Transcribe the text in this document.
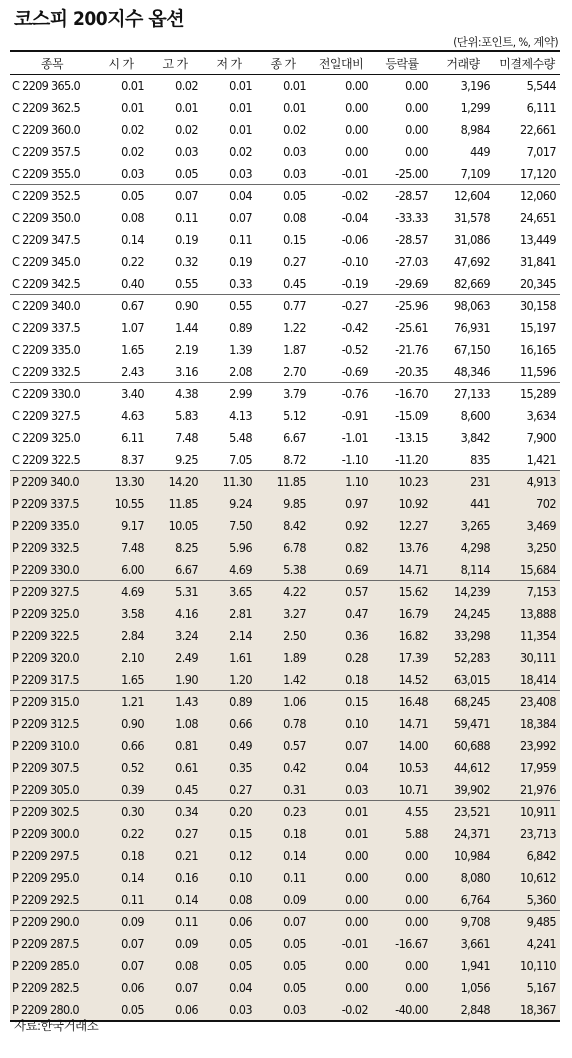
코스피 200지수 옵션
(단위:포인트, %, 계약)
종목	시 가	고 가	저 가	종 가	전일대비	등락률	거래량	미결제수량
C 2209 365.0	0.01	0.02	0.01	0.01	0.00	0.00	3,196	5,544
C 2209 362.5	0.01	0.01	0.01	0.01	0.00	0.00	1,299	6,111
C 2209 360.0	0.02	0.02	0.01	0.02	0.00	0.00	8,984	22,661
C 2209 357.5	0.02	0.03	0.02	0.03	0.00	0.00	449	7,017
C 2209 355.0	0.03	0.05	0.03	0.03	-0.01	-25.00	7,109	17,120
C 2209 352.5	0.05	0.07	0.04	0.05	-0.02	-28.57	12,604	12,060
C 2209 350.0	0.08	0.11	0.07	0.08	-0.04	-33.33	31,578	24,651
C 2209 347.5	0.14	0.19	0.11	0.15	-0.06	-28.57	31,086	13,449
C 2209 345.0	0.22	0.32	0.19	0.27	-0.10	-27.03	47,692	31,841
C 2209 342.5	0.40	0.55	0.33	0.45	-0.19	-29.69	82,669	20,345
C 2209 340.0	0.67	0.90	0.55	0.77	-0.27	-25.96	98,063	30,158
C 2209 337.5	1.07	1.44	0.89	1.22	-0.42	-25.61	76,931	15,197
C 2209 335.0	1.65	2.19	1.39	1.87	-0.52	-21.76	67,150	16,165
C 2209 332.5	2.43	3.16	2.08	2.70	-0.69	-20.35	48,346	11,596
C 2209 330.0	3.40	4.38	2.99	3.79	-0.76	-16.70	27,133	15,289
C 2209 327.5	4.63	5.83	4.13	5.12	-0.91	-15.09	8,600	3,634
C 2209 325.0	6.11	7.48	5.48	6.67	-1.01	-13.15	3,842	7,900
C 2209 322.5	8.37	9.25	7.05	8.72	-1.10	-11.20	835	1,421
P 2209 340.0	13.30	14.20	11.30	11.85	1.10	10.23	231	4,913
P 2209 337.5	10.55	11.85	9.24	9.85	0.97	10.92	441	702
P 2209 335.0	9.17	10.05	7.50	8.42	0.92	12.27	3,265	3,469
P 2209 332.5	7.48	8.25	5.96	6.78	0.82	13.76	4,298	3,250
P 2209 330.0	6.00	6.67	4.69	5.38	0.69	14.71	8,114	15,684
P 2209 327.5	4.69	5.31	3.65	4.22	0.57	15.62	14,239	7,153
P 2209 325.0	3.58	4.16	2.81	3.27	0.47	16.79	24,245	13,888
P 2209 322.5	2.84	3.24	2.14	2.50	0.36	16.82	33,298	11,354
P 2209 320.0	2.10	2.49	1.61	1.89	0.28	17.39	52,283	30,111
P 2209 317.5	1.65	1.90	1.20	1.42	0.18	14.52	63,015	18,414
P 2209 315.0	1.21	1.43	0.89	1.06	0.15	16.48	68,245	23,408
P 2209 312.5	0.90	1.08	0.66	0.78	0.10	14.71	59,471	18,384
P 2209 310.0	0.66	0.81	0.49	0.57	0.07	14.00	60,688	23,992
P 2209 307.5	0.52	0.61	0.35	0.42	0.04	10.53	44,612	17,959
P 2209 305.0	0.39	0.45	0.27	0.31	0.03	10.71	39,902	21,976
P 2209 302.5	0.30	0.34	0.20	0.23	0.01	4.55	23,521	10,911
P 2209 300.0	0.22	0.27	0.15	0.18	0.01	5.88	24,371	23,713
P 2209 297.5	0.18	0.21	0.12	0.14	0.00	0.00	10,984	6,842
P 2209 295.0	0.14	0.16	0.10	0.11	0.00	0.00	8,080	10,612
P 2209 292.5	0.11	0.14	0.08	0.09	0.00	0.00	6,764	5,360
P 2209 290.0	0.09	0.11	0.06	0.07	0.00	0.00	9,708	9,485
P 2209 287.5	0.07	0.09	0.05	0.05	-0.01	-16.67	3,661	4,241
P 2209 285.0	0.07	0.08	0.05	0.05	0.00	0.00	1,941	10,110
P 2209 282.5	0.06	0.07	0.04	0.05	0.00	0.00	1,056	5,167
P 2209 280.0	0.05	0.06	0.03	0.03	-0.02	-40.00	2,848	18,367
자료:한국거래소
